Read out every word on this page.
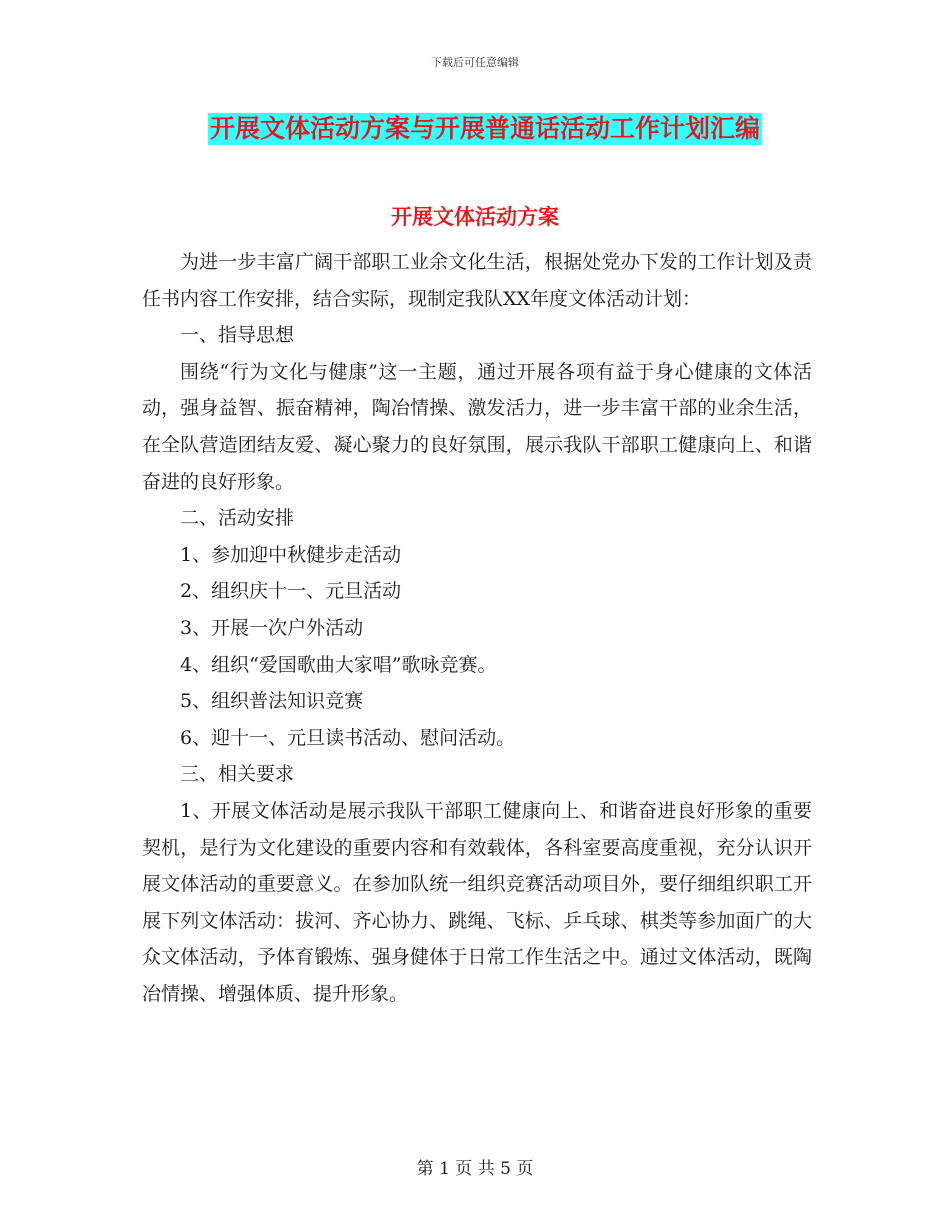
下载后可任意编辑
开展文体活动方案与开展普通话活动工作计划汇编
开展文体活动方案

为进一步丰富广阔干部职工业余文化生活，根据处党办下发的工作计划及责任书内容工作安排，结合实际，现制定我队XX年度文体活动计划：

一、指导思想

围绕“行为文化与健康”这一主题，通过开展各项有益于身心健康的文体活动，强身益智、振奋精神，陶冶情操、激发活力，进一步丰富干部的业余生活，在全队营造团结友爱、凝心聚力的良好氛围，展示我队干部职工健康向上、和谐奋进的良好形象。

二、活动安排

1、参加迎中秋健步走活动

2、组织庆十一、元旦活动

3、开展一次户外活动

4、组织“爱国歌曲大家唱”歌咏竞赛。

5、组织普法知识竞赛

6、迎十一、元旦读书活动、慰问活动。

三、相关要求

1、开展文体活动是展示我队干部职工健康向上、和谐奋进良好形象的重要契机，是行为文化建设的重要内容和有效载体，各科室要高度重视，充分认识开展文体活动的重要意义。在参加队统一组织竞赛活动项目外，要仔细组织职工开展下列文体活动：拔河、齐心协力、跳绳、飞标、乒乓球、棋类等参加面广的大众文体活动，予体育锻炼、强身健体于日常工作生活之中。通过文体活动，既陶冶情操、增强体质、提升形象。

第 1 页 共 5 页
